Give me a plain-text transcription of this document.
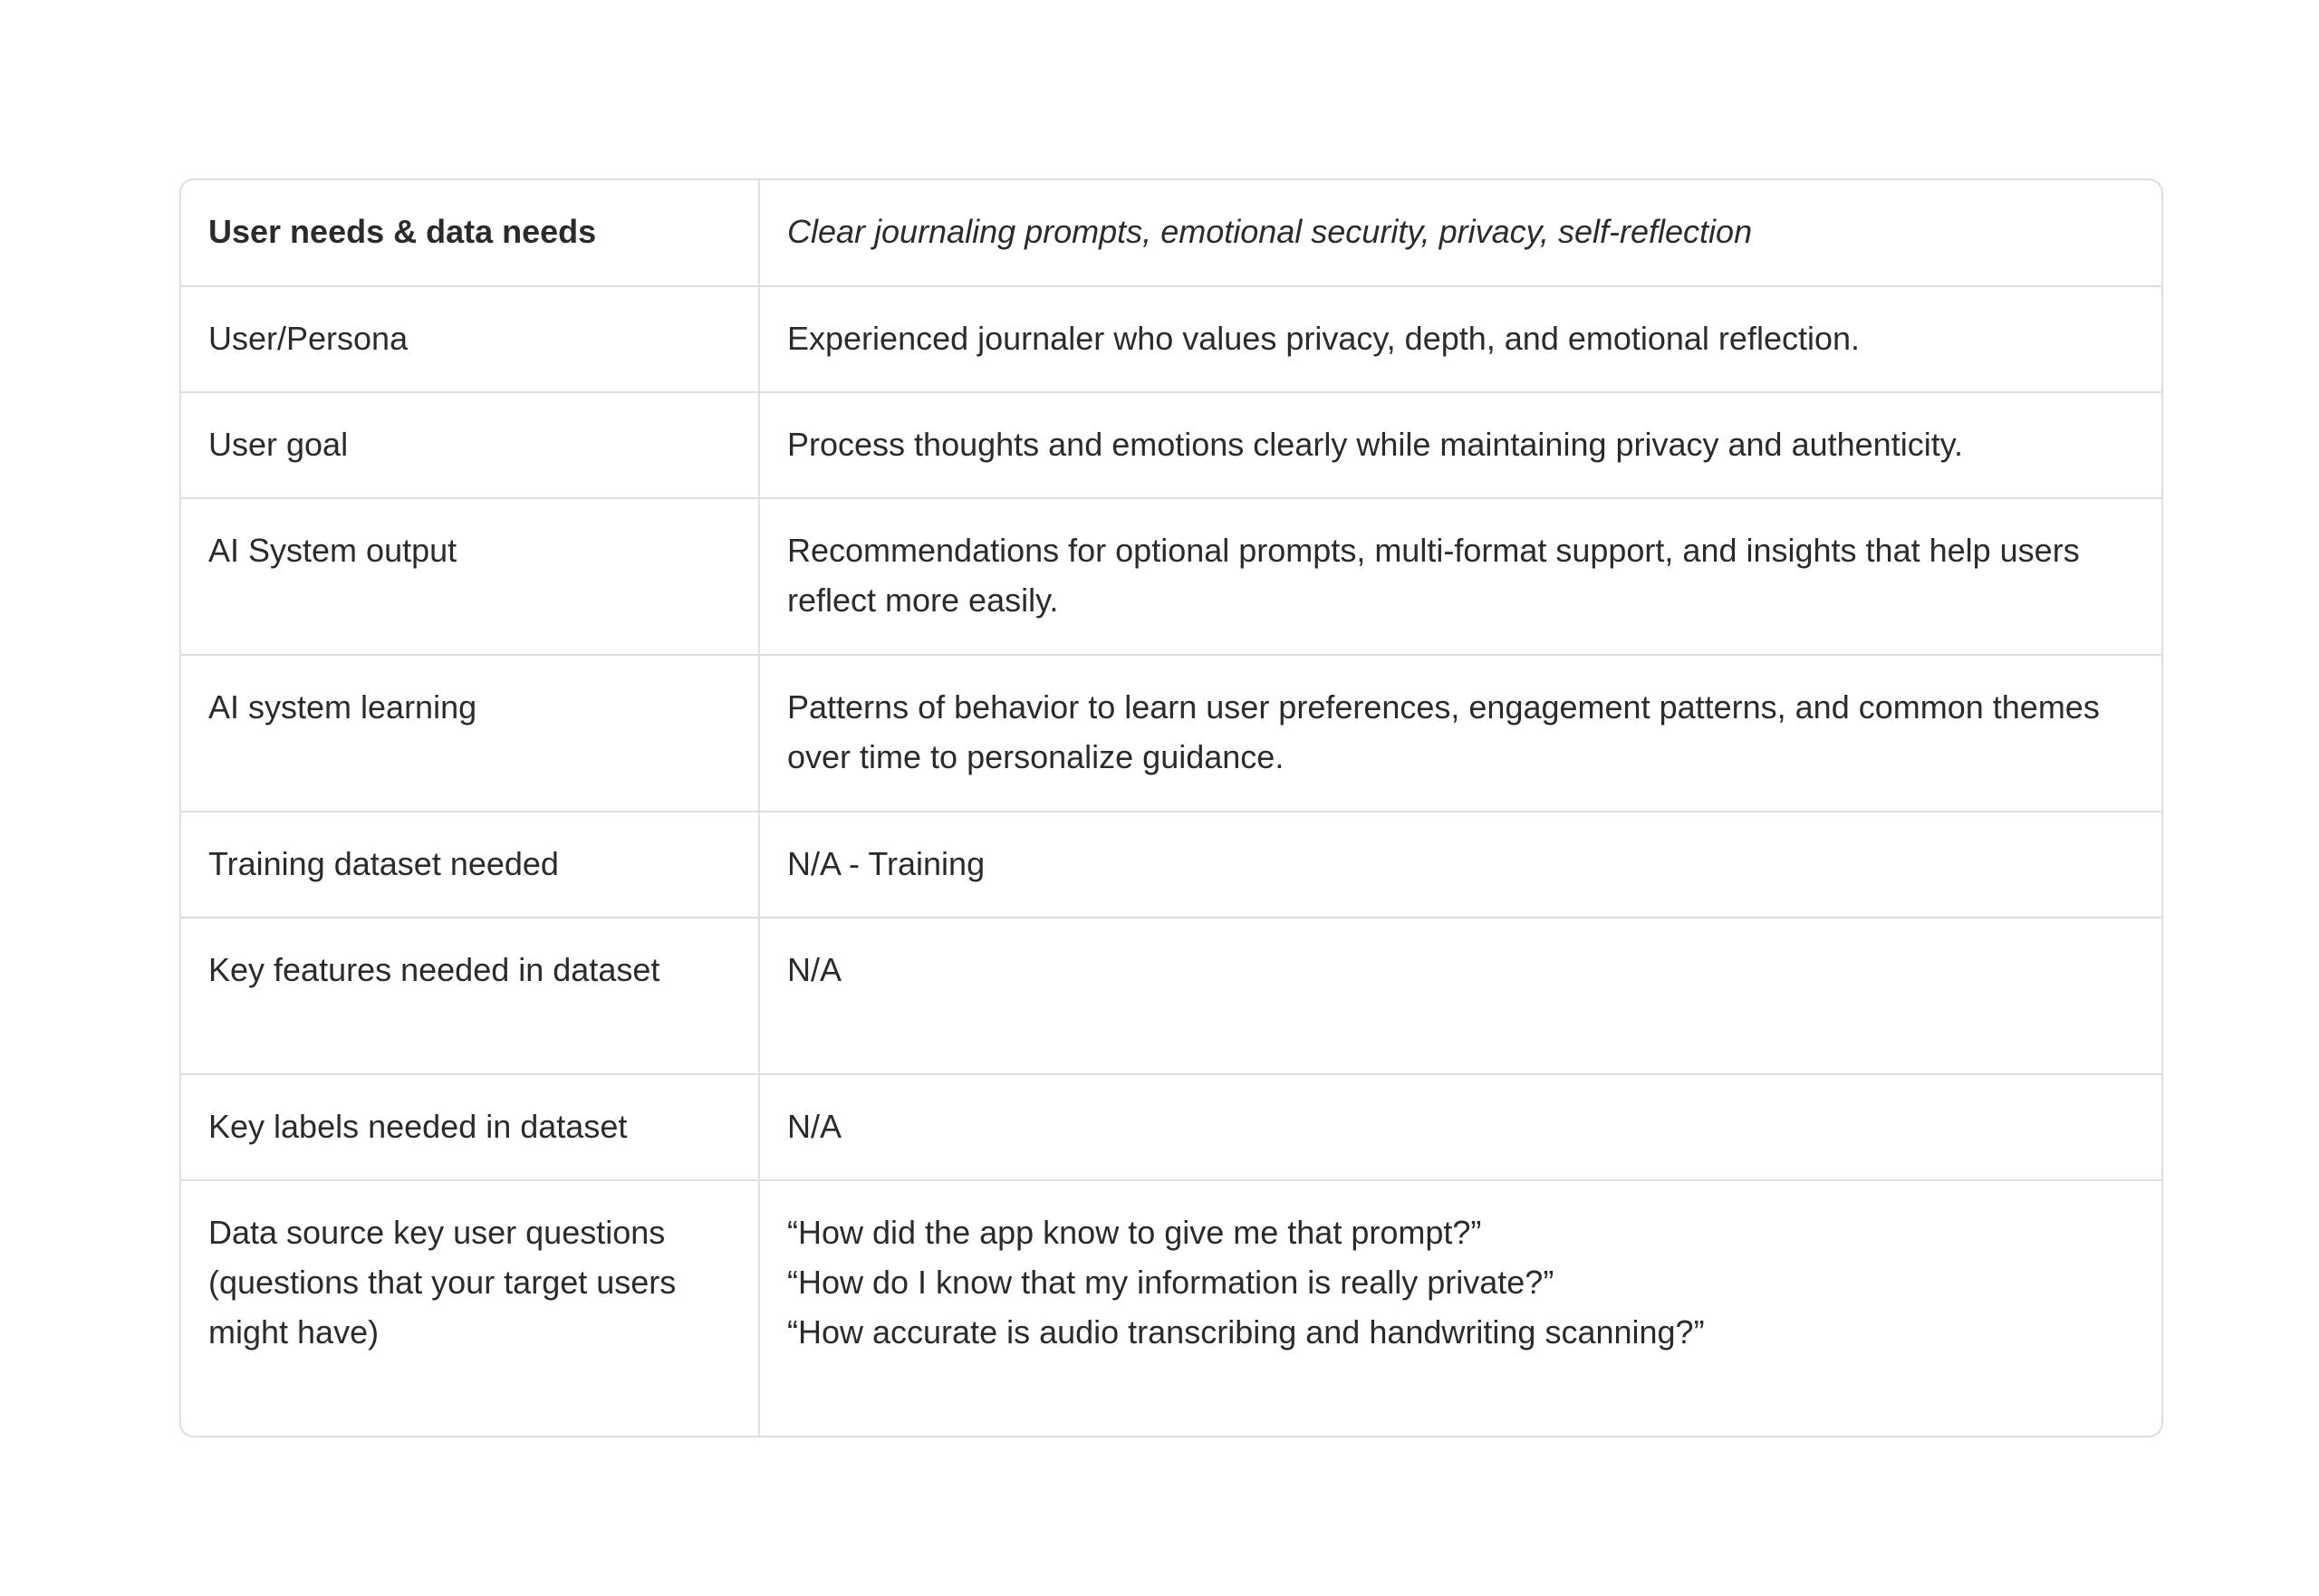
User needs & data needs	Clear journaling prompts, emotional security, privacy, self-reflection
User/Persona	Experienced journaler who values privacy, depth, and emotional reflection.
User goal	Process thoughts and emotions clearly while maintaining privacy and authenticity.
AI System output	Recommendations for optional prompts, multi-format support, and insights that help users reflect more easily.
AI system learning	Patterns of behavior to learn user preferences, engagement patterns, and common themes over time to personalize guidance.
Training dataset needed	N/A - Training
Key features needed in dataset	N/A
Key labels needed in dataset	N/A
Data source key user questions (questions that your target users might have)	“How did the app know to give me that prompt?”
“How do I know that my information is really private?”
“How accurate is audio transcribing and handwriting scanning?”
